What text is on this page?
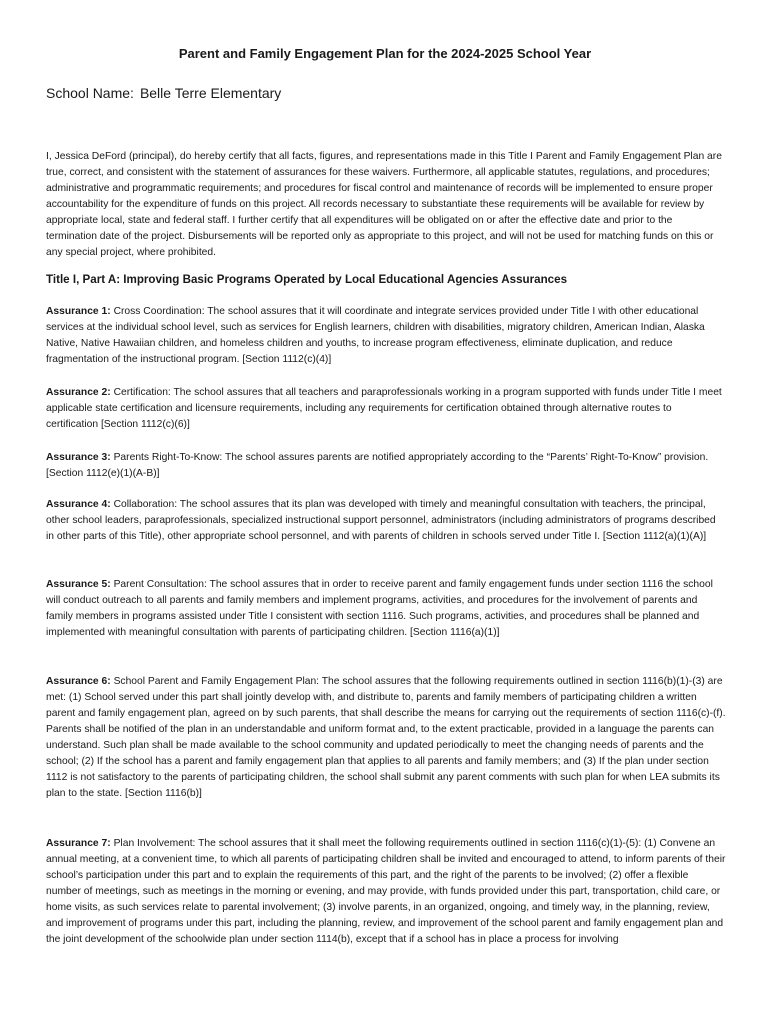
Parent and Family Engagement Plan for the 2024-2025 School Year
School Name: Belle Terre Elementary

I, Jessica DeFord (principal), do hereby certify that all facts, figures, and representations made in this Title I Parent and Family Engagement Plan are true, correct, and consistent with the statement of assurances for these waivers. Furthermore, all applicable statutes, regulations, and procedures; administrative and programmatic requirements; and procedures for fiscal control and maintenance of records will be implemented to ensure proper accountability for the expenditure of funds on this project. All records necessary to substantiate these requirements will be available for review by appropriate local, state and federal staff. I further certify that all expenditures will be obligated on or after the effective date and prior to the termination date of the project. Disbursements will be reported only as appropriate to this project, and will not be used for matching funds on this or any special project, where prohibited.

Title I, Part A: Improving Basic Programs Operated by Local Educational Agencies Assurances

Assurance 1: Cross Coordination: The school assures that it will coordinate and integrate services provided under Title I with other educational services at the individual school level, such as services for English learners, children with disabilities, migratory children, American Indian, Alaska Native, Native Hawaiian children, and homeless children and youths, to increase program effectiveness, eliminate duplication, and reduce fragmentation of the instructional program. [Section 1112(c)(4)]

Assurance 2: Certification: The school assures that all teachers and paraprofessionals working in a program supported with funds under Title I meet applicable state certification and licensure requirements, including any requirements for certification obtained through alternative routes to certification [Section 1112(c)(6)]

Assurance 3: Parents Right-To-Know: The school assures parents are notified appropriately according to the “Parents’ Right-To-Know” provision. [Section 1112(e)(1)(A-B)]

Assurance 4: Collaboration: The school assures that its plan was developed with timely and meaningful consultation with teachers, the principal, other school leaders, paraprofessionals, specialized instructional support personnel, administrators (including administrators of programs described in other parts of this Title), other appropriate school personnel, and with parents of children in schools served under Title I. [Section 1112(a)(1)(A)]

Assurance 5: Parent Consultation: The school assures that in order to receive parent and family engagement funds under section 1116 the school will conduct outreach to all parents and family members and implement programs, activities, and procedures for the involvement of parents and family members in programs assisted under Title I consistent with section 1116. Such programs, activities, and procedures shall be planned and implemented with meaningful consultation with parents of participating children. [Section 1116(a)(1)]

Assurance 6: School Parent and Family Engagement Plan: The school assures that the following requirements outlined in section 1116(b)(1)-(3) are met: (1) School served under this part shall jointly develop with, and distribute to, parents and family members of participating children a written parent and family engagement plan, agreed on by such parents, that shall describe the means for carrying out the requirements of section 1116(c)-(f). Parents shall be notified of the plan in an understandable and uniform format and, to the extent practicable, provided in a language the parents can understand. Such plan shall be made available to the school community and updated periodically to meet the changing needs of parents and the school; (2) If the school has a parent and family engagement plan that applies to all parents and family members; and (3) If the plan under section 1112 is not satisfactory to the parents of participating children, the school shall submit any parent comments with such plan for when LEA submits its plan to the state. [Section 1116(b)]

Assurance 7: Plan Involvement: The school assures that it shall meet the following requirements outlined in section 1116(c)(1)-(5): (1) Convene an annual meeting, at a convenient time, to which all parents of participating children shall be invited and encouraged to attend, to inform parents of their school’s participation under this part and to explain the requirements of this part, and the right of the parents to be involved; (2) offer a flexible number of meetings, such as meetings in the morning or evening, and may provide, with funds provided under this part, transportation, child care, or home visits, as such services relate to parental involvement; (3) involve parents, in an organized, ongoing, and timely way, in the planning, review, and improvement of programs under this part, including the planning, review, and improvement of the school parent and family engagement plan and the joint development of the schoolwide plan under section 1114(b), except that if a school has in place a process for involving
